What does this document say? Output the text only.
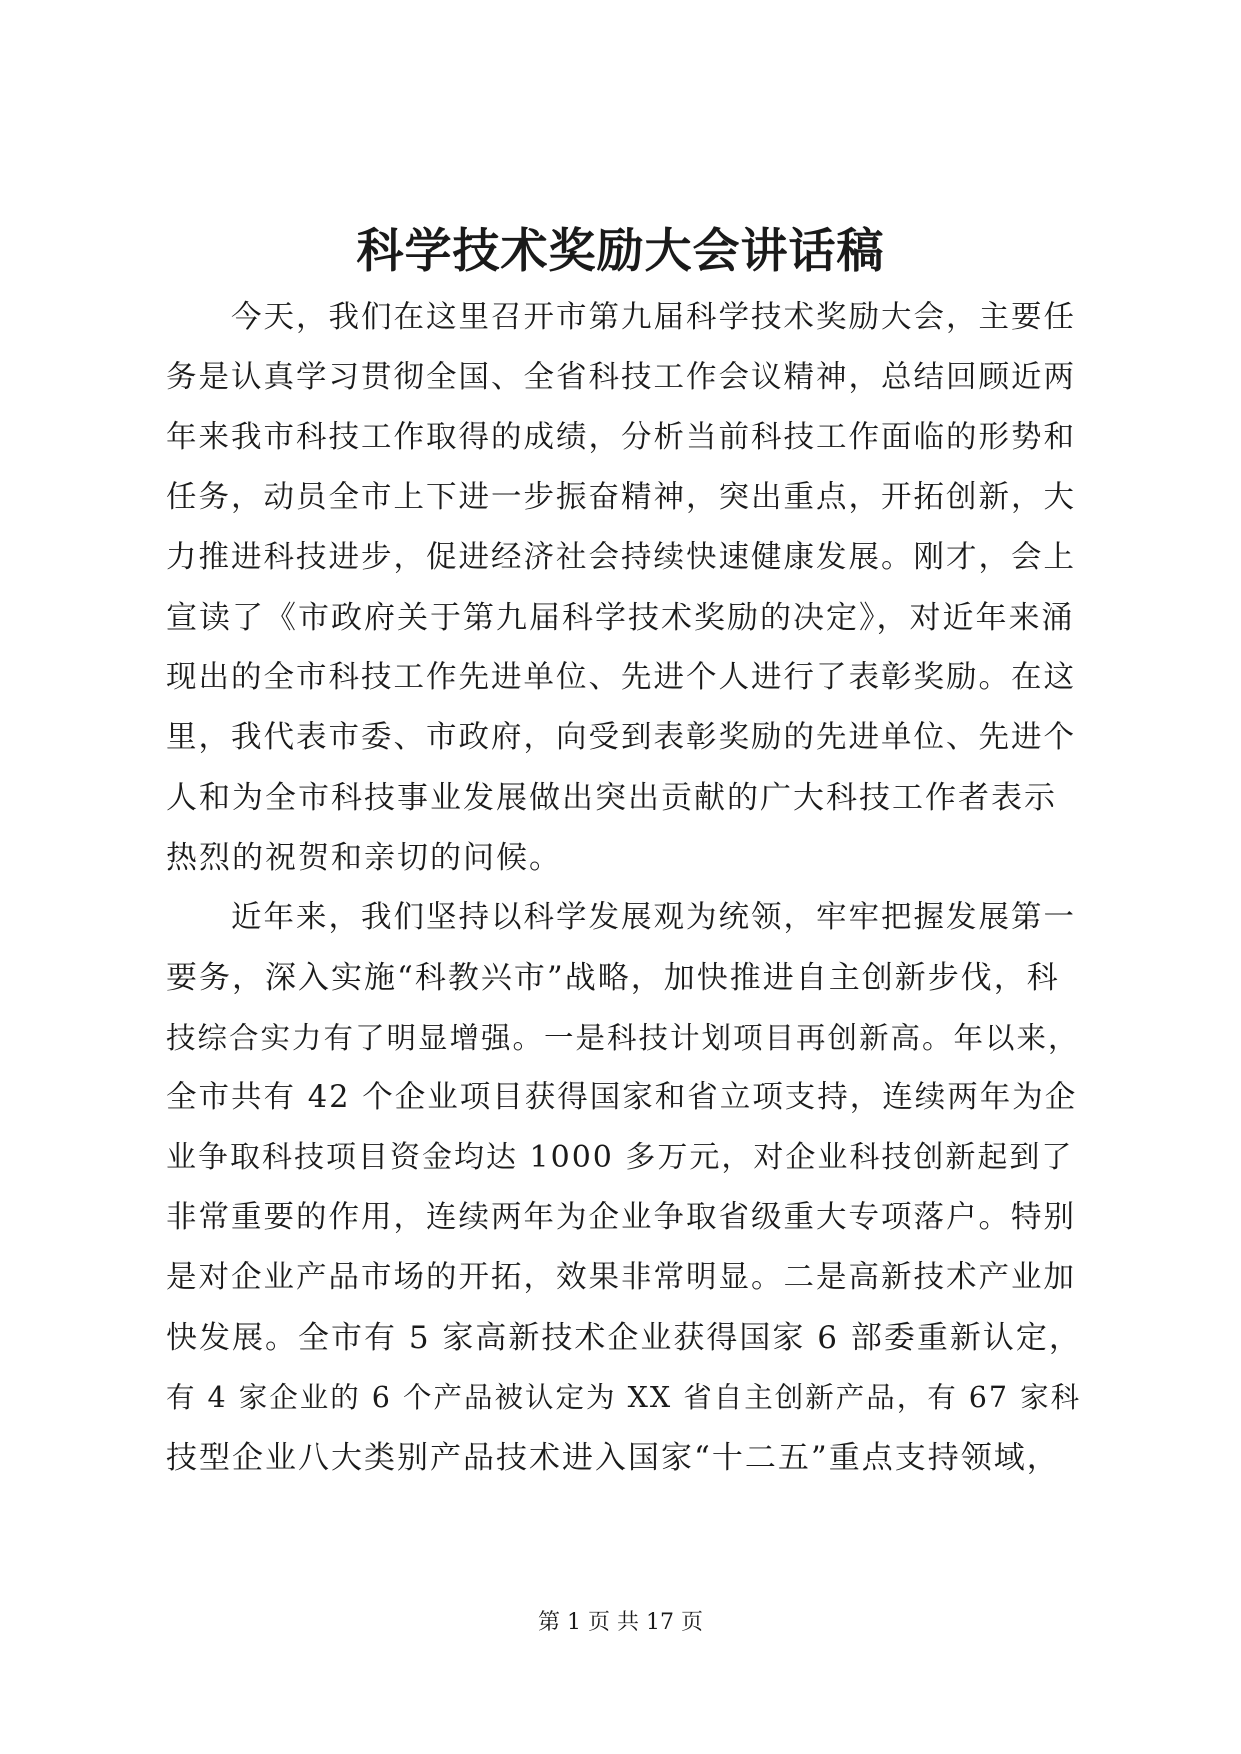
科学技术奖励大会讲话稿
　　今天，我们在这里召开市第九届科学技术奖励大会，主要任
务是认真学习贯彻全国、全省科技工作会议精神，总结回顾近两
年来我市科技工作取得的成绩，分析当前科技工作面临的形势和
任务，动员全市上下进一步振奋精神，突出重点，开拓创新，大
力推进科技进步，促进经济社会持续快速健康发展。刚才，会上
宣读了《市政府关于第九届科学技术奖励的决定》，对近年来涌
现出的全市科技工作先进单位、先进个人进行了表彰奖励。在这
里，我代表市委、市政府，向受到表彰奖励的先进单位、先进个
人和为全市科技事业发展做出突出贡献的广大科技工作者表示
热烈的祝贺和亲切的问候。
　　近年来，我们坚持以科学发展观为统领，牢牢把握发展第一
要务，深入实施“科教兴市”战略，加快推进自主创新步伐，科
技综合实力有了明显增强。一是科技计划项目再创新高。年以来，
全市共有 42 个企业项目获得国家和省立项支持，连续两年为企
业争取科技项目资金均达 1000 多万元，对企业科技创新起到了
非常重要的作用，连续两年为企业争取省级重大专项落户。特别
是对企业产品市场的开拓，效果非常明显。二是高新技术产业加
快发展。全市有 5 家高新技术企业获得国家 6 部委重新认定，
有 4 家企业的 6 个产品被认定为 XX 省自主创新产品，有 67 家科
技型企业八大类别产品技术进入国家“十二五”重点支持领域，
第 1 页 共 17 页
